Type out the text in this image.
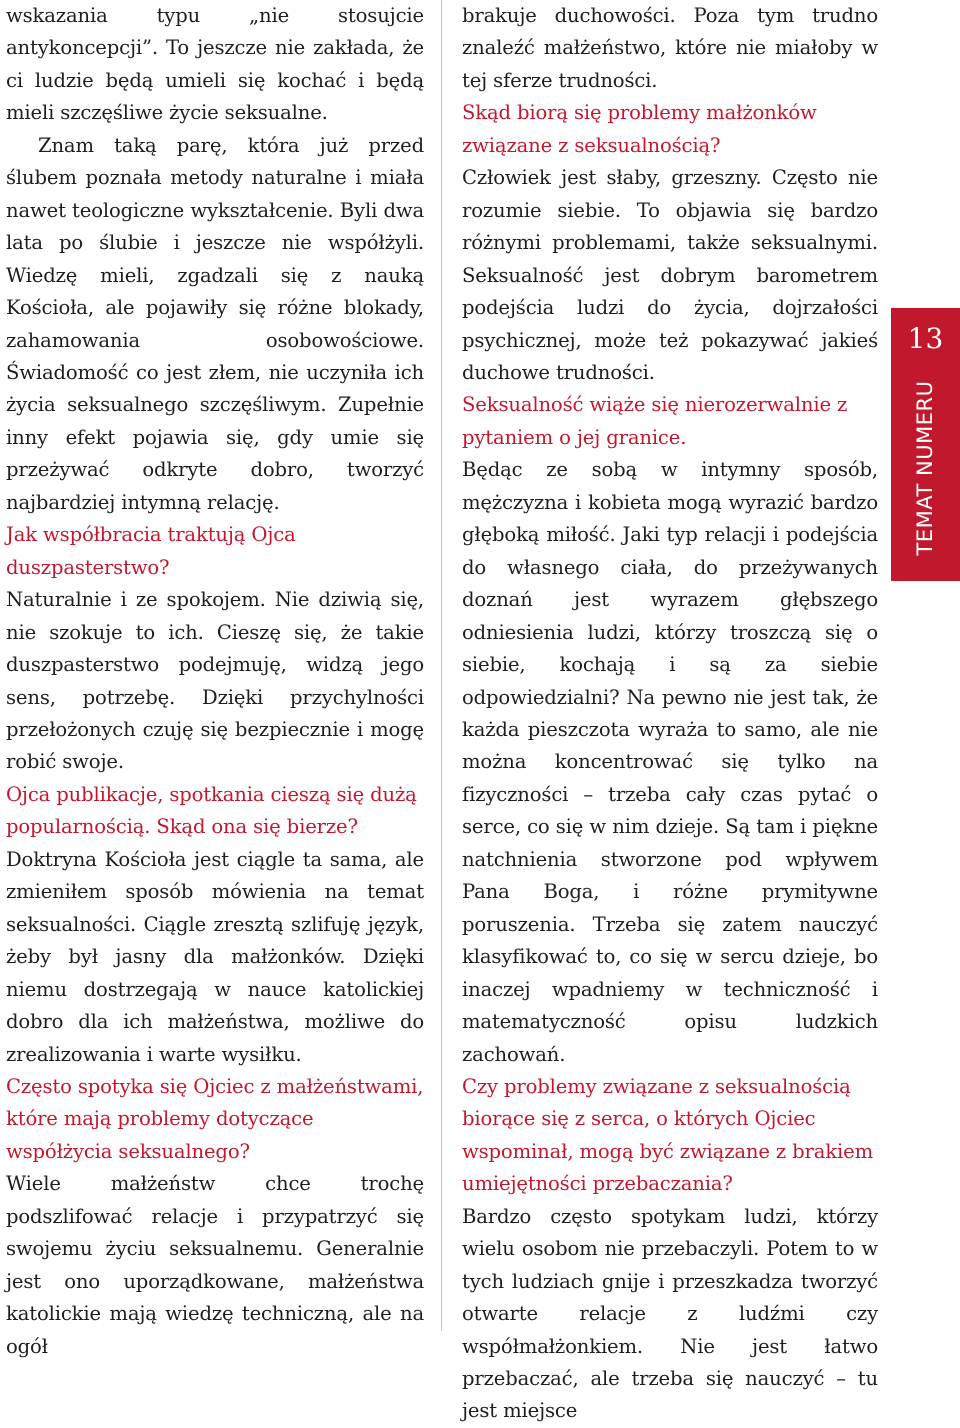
wskazania typu „nie stosujcie antykoncepcji”. To jeszcze nie zakłada, że ci ludzie będą umieli się kochać i będą mieli szczęśliwe życie seksualne.

Znam taką parę, która już przed ślubem poznała metody naturalne i miała nawet teologiczne wykształcenie. Byli dwa lata po ślubie i jeszcze nie współżyli. Wiedzę mieli, zgadzali się z nauką Kościoła, ale pojawiły się różne blokady, zahamowania osobowościowe. Świadomość co jest złem, nie uczyniła ich życia seksualnego szczęśliwym. Zupełnie inny efekt pojawia się, gdy umie się przeżywać odkryte dobro, tworzyć najbardziej intymną relację.

Jak współbracia traktują Ojca duszpasterstwo?

Naturalnie i ze spokojem. Nie dziwią się, nie szokuje to ich. Cieszę się, że takie duszpasterstwo podejmuję, widzą jego sens, potrzebę. Dzięki przychylności przełożonych czuję się bezpiecznie i mogę robić swoje.

Ojca publikacje, spotkania cieszą się dużą popularnością. Skąd ona się bierze?

Doktryna Kościoła jest ciągle ta sama, ale zmieniłem sposób mówienia na temat seksualności. Ciągle zresztą szlifuję język, żeby był jasny dla małżonków. Dzięki niemu dostrzegają w nauce katolickiej dobro dla ich małżeństwa, możliwe do zrealizowania i warte wysiłku.

Często spotyka się Ojciec z małżeństwami, które mają problemy dotyczące współżycia seksualnego?

Wiele małżeństw chce trochę podszlifować relacje i przypatrzyć się swojemu życiu seksualnemu. Generalnie jest ono uporządkowane, małżeństwa katolickie mają wiedzę techniczną, ale na ogół

brakuje duchowości. Poza tym trudno znaleźć małżeństwo, które nie miałoby w tej sferze trudności.

Skąd biorą się problemy małżonków związane z seksualnością?

Człowiek jest słaby, grzeszny. Często nie rozumie siebie. To objawia się bardzo różnymi problemami, także seksualnymi. Seksualność jest dobrym barometrem podejścia ludzi do życia, dojrzałości psychicznej, może też pokazywać jakieś duchowe trudności.

Seksualność wiąże się nierozerwalnie z pytaniem o jej granice.

Będąc ze sobą w intymny sposób, mężczyzna i kobieta mogą wyrazić bardzo głęboką miłość. Jaki typ relacji i podejścia do własnego ciała, do przeżywanych doznań jest wyrazem głębszego odniesienia ludzi, którzy troszczą się o siebie, kochają i są za siebie odpowiedzialni? Na pewno nie jest tak, że każda pieszczota wyraża to samo, ale nie można koncentrować się tylko na fizyczności – trzeba cały czas pytać o serce, co się w nim dzieje. Są tam i piękne natchnienia stworzone pod wpływem Pana Boga, i różne prymitywne poruszenia. Trzeba się zatem nauczyć klasyfikować to, co się w sercu dzieje, bo inaczej wpadniemy w techniczność i matematyczność opisu ludzkich zachowań.

Czy problemy związane z seksualnością biorące się z serca, o których Ojciec wspominał, mogą być związane z brakiem umiejętności przebaczania?

Bardzo często spotykam ludzi, którzy wielu osobom nie przebaczyli. Potem to w tych ludziach gnije i przeszkadza tworzyć otwarte relacje z ludźmi czy współmałżonkiem. Nie jest łatwo przebaczać, ale trzeba się nauczyć – tu jest miejsce

13
TEMAT NUMERU
